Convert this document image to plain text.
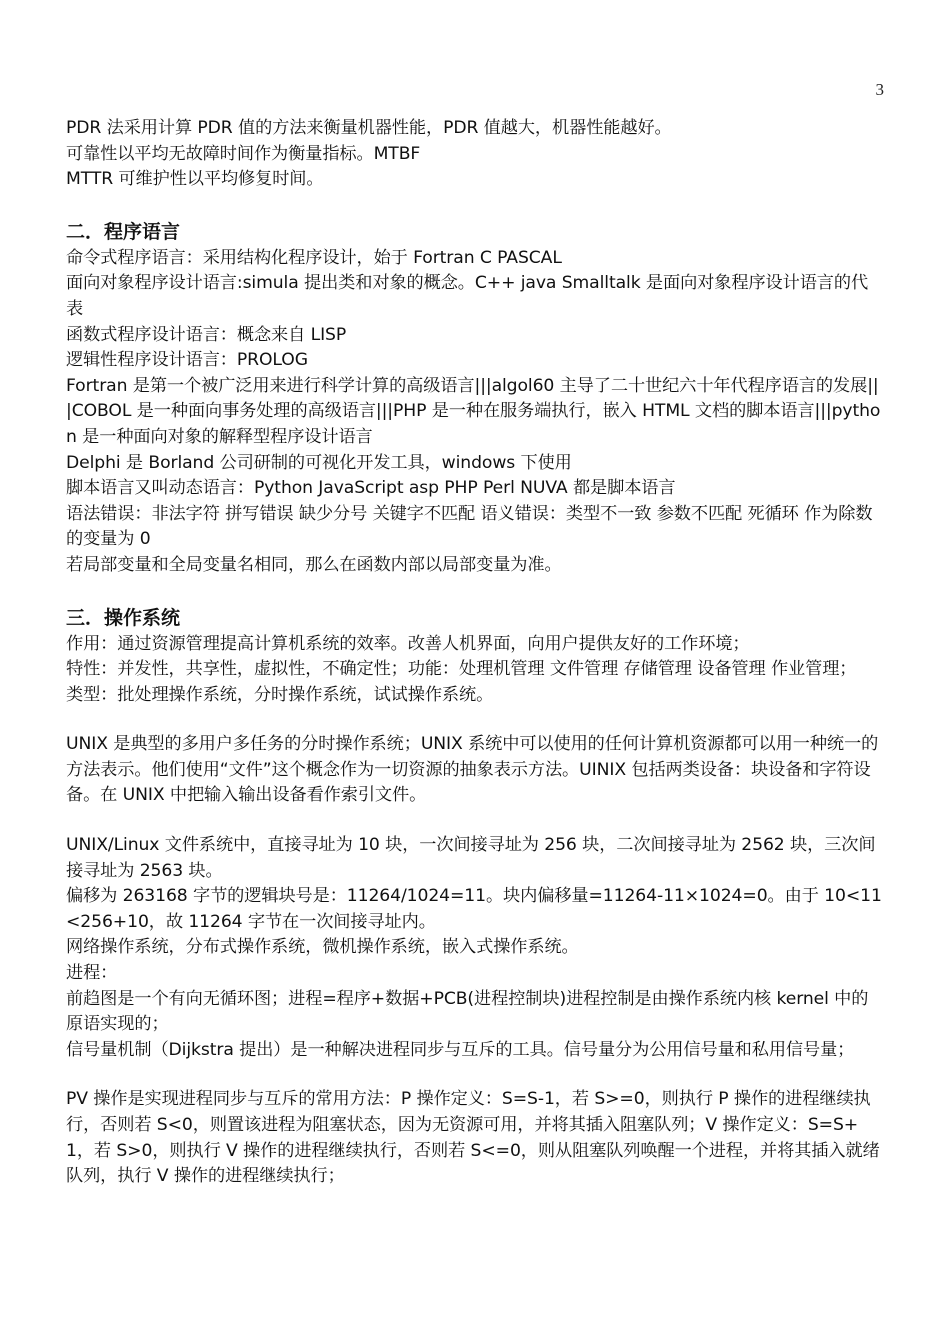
3

PDR 法采用计算 PDR 值的方法来衡量机器性能，PDR 值越大，机器性能越好。

可靠性以平均无故障时间作为衡量指标。MTBF

MTTR 可维护性以平均修复时间。

二．程序语言

命令式程序语言：采用结构化程序设计，始于 Fortran C PASCAL

面向对象程序设计语言:simula 提出类和对象的概念。C++ java Smalltalk 是面向对象程序设计语言的代表

函数式程序设计语言：概念来自 LISP

逻辑性程序设计语言：PROLOG

Fortran 是第一个被广泛用来进行科学计算的高级语言|||algol60 主导了二十世纪六十年代程序语言的发展|||COBOL 是一种面向事务处理的高级语言|||PHP 是一种在服务端执行，嵌入 HTML 文档的脚本语言|||python 是一种面向对象的解释型程序设计语言

Delphi 是 Borland 公司研制的可视化开发工具，windows 下使用

脚本语言又叫动态语言：Python JavaScript asp PHP Perl NUVA 都是脚本语言

语法错误：非法字符 拼写错误 缺少分号 关键字不匹配 语义错误：类型不一致 参数不匹配 死循环 作为除数的变量为 0

若局部变量和全局变量名相同，那么在函数内部以局部变量为准。

三．操作系统

作用：通过资源管理提高计算机系统的效率。改善人机界面，向用户提供友好的工作环境；

特性：并发性，共享性，虚拟性，不确定性；功能：处理机管理 文件管理 存储管理 设备管理 作业管理；

类型：批处理操作系统，分时操作系统，试试操作系统。

UNIX 是典型的多用户多任务的分时操作系统；UNIX 系统中可以使用的任何计算机资源都可以用一种统一的方法表示。他们使用“文件”这个概念作为一切资源的抽象表示方法。UINIX 包括两类设备：块设备和字符设备。在 UNIX 中把输入输出设备看作索引文件。

UNIX/Linux 文件系统中，直接寻址为 10 块，一次间接寻址为 256 块，二次间接寻址为 2562 块，三次间接寻址为 2563 块。

偏移为 263168 字节的逻辑块号是：11264/1024=11。块内偏移量=11264-11×1024=0。由于 10<11<256+10，故 11264 字节在一次间接寻址内。

网络操作系统，分布式操作系统，微机操作系统，嵌入式操作系统。

进程：

前趋图是一个有向无循环图；进程=程序+数据+PCB(进程控制块)进程控制是由操作系统内核 kernel 中的原语实现的；

信号量机制（Dijkstra 提出）是一种解决进程同步与互斥的工具。信号量分为公用信号量和私用信号量；

PV 操作是实现进程同步与互斥的常用方法：P 操作定义：S=S-1，若 S>=0，则执行 P 操作的进程继续执行，否则若 S<0，则置该进程为阻塞状态，因为无资源可用，并将其插入阻塞队列；V 操作定义：S=S+1，若 S>0，则执行 V 操作的进程继续执行，否则若 S<=0，则从阻塞队列唤醒一个进程，并将其插入就绪队列，执行 V 操作的进程继续执行；
